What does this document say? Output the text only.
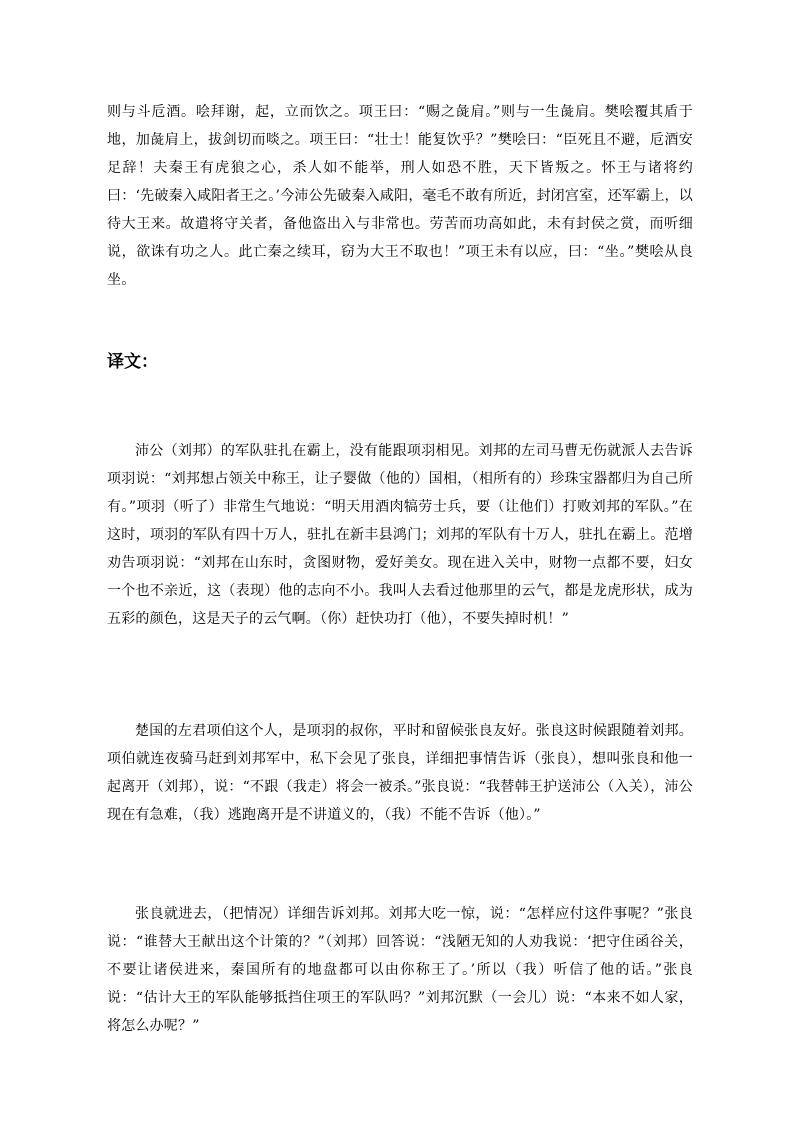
则与斗卮酒。哙拜谢，起，立而饮之。项王曰：“赐之彘肩。”则与一生彘肩。樊哙覆其盾于地，加彘肩上，拔剑切而啖之。项王曰：“壮士！能复饮乎？”樊哙曰：“臣死且不避，卮酒安足辞！夫秦王有虎狼之心，杀人如不能举，刑人如恐不胜，天下皆叛之。怀王与诸将约曰：‘先破秦入咸阳者王之。’今沛公先破秦入咸阳，毫毛不敢有所近，封闭宫室，还军霸上，以待大王来。故遣将守关者，备他盗出入与非常也。劳苦而功高如此，未有封侯之赏，而听细说，欲诛有功之人。此亡秦之续耳，窃为大王不取也！”项王未有以应，曰：“坐。”樊哙从良坐。

译文：

沛公（刘邦）的军队驻扎在霸上，没有能跟项羽相见。刘邦的左司马曹无伤就派人去告诉项羽说：“刘邦想占领关中称王，让子婴做（他的）国相，（相所有的）珍珠宝器都归为自己所有。”项羽（听了）非常生气地说：“明天用酒肉犒劳士兵，要（让他们）打败刘邦的军队。”在这时，项羽的军队有四十万人，驻扎在新丰县鸿门；刘邦的军队有十万人，驻扎在霸上。范增劝告项羽说：“刘邦在山东时，贪图财物，爱好美女。现在进入关中，财物一点都不要，妇女一个也不亲近，这（表现）他的志向不小。我叫人去看过他那里的云气，都是龙虎形状，成为五彩的颜色，这是天子的云气啊。（你）赶快功打（他），不要失掉时机！”

楚国的左君项伯这个人，是项羽的叔你，平时和留候张良友好。张良这时候跟随着刘邦。项伯就连夜骑马赶到刘邦军中，私下会见了张良，详细把事情告诉（张良），想叫张良和他一起离开（刘邦），说：“不跟（我走）将会一被杀。”张良说：“我替韩王护送沛公（入关），沛公现在有急难，（我）逃跑离开是不讲道义的，（我）不能不告诉（他）。”

张良就进去，（把情况）详细告诉刘邦。刘邦大吃一惊，说：“怎样应付这件事呢？”张良说：“谁替大王献出这个计策的？”（刘邦）回答说：“浅陋无知的人劝我说：‘把守住函谷关，不要让诸侯进来，秦国所有的地盘都可以由你称王了。’所以（我）听信了他的话。”张良说：“估计大王的军队能够抵挡住项王的军队吗？”刘邦沉默（一会儿）说：“本来不如人家，将怎么办呢？”
